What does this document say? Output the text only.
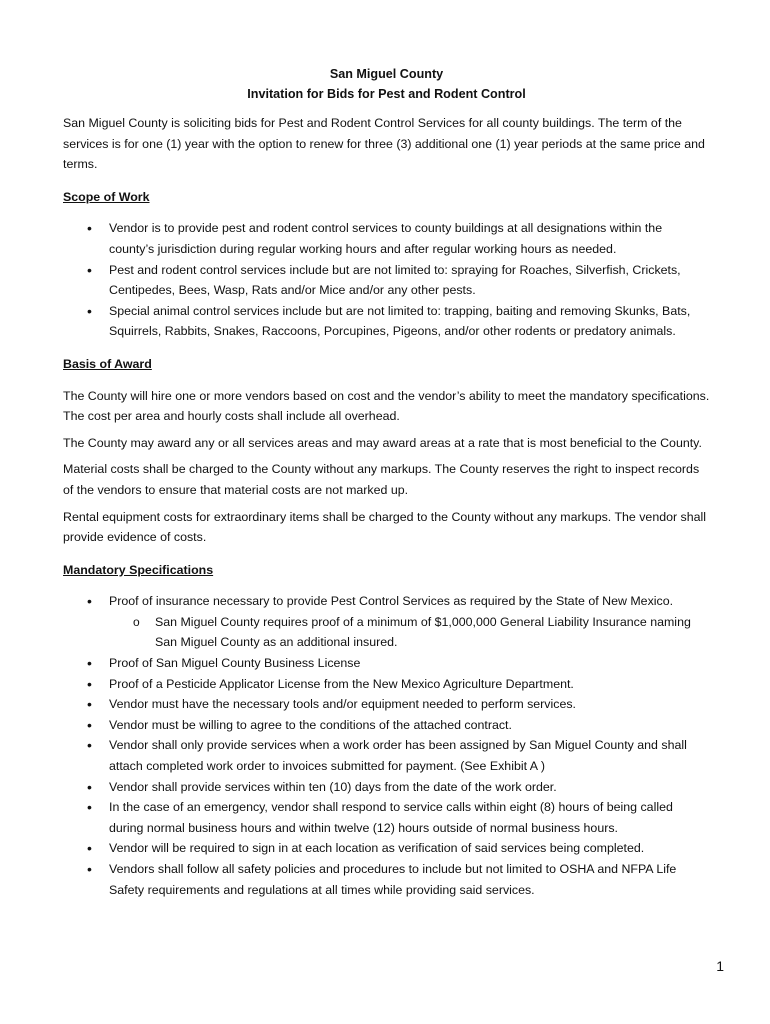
San Miguel County
Invitation for Bids for Pest and Rodent Control

San Miguel County is soliciting bids for Pest and Rodent Control Services for all county buildings. The term of the services is for one (1) year with the option to renew for three (3) additional one (1) year periods at the same price and terms.

Scope of Work
• Vendor is to provide pest and rodent control services to county buildings at all designations within the county’s jurisdiction during regular working hours and after regular working hours as needed.
• Pest and rodent control services include but are not limited to: spraying for Roaches, Silverfish, Crickets, Centipedes, Bees, Wasp, Rats and/or Mice and/or any other pests.
• Special animal control services include but are not limited to: trapping, baiting and removing Skunks, Bats, Squirrels, Rabbits, Snakes, Raccoons, Porcupines, Pigeons, and/or other rodents or predatory animals.
Basis of Award

The County will hire one or more vendors based on cost and the vendor’s ability to meet the mandatory specifications. The cost per area and hourly costs shall include all overhead.

The County may award any or all services areas and may award areas at a rate that is most beneficial to the County.

Material costs shall be charged to the County without any markups. The County reserves the right to inspect records of the vendors to ensure that material costs are not marked up.

Rental equipment costs for extraordinary items shall be charged to the County without any markups. The vendor shall provide evidence of costs.

Mandatory Specifications
• Proof of insurance necessary to provide Pest Control Services as required by the State of New Mexico.
o San Miguel County requires proof of a minimum of $1,000,000 General Liability Insurance naming San Miguel County as an additional insured.
• Proof of San Miguel County Business License
• Proof of a Pesticide Applicator License from the New Mexico Agriculture Department.
• Vendor must have the necessary tools and/or equipment needed to perform services.
• Vendor must be willing to agree to the conditions of the attached contract.
• Vendor shall only provide services when a work order has been assigned by San Miguel County and shall attach completed work order to invoices submitted for payment. (See Exhibit A )
• Vendor shall provide services within ten (10) days from the date of the work order.
• In the case of an emergency, vendor shall respond to service calls within eight (8) hours of being called during normal business hours and within twelve (12) hours outside of normal business hours.
• Vendor will be required to sign in at each location as verification of said services being completed.
• Vendors shall follow all safety policies and procedures to include but not limited to OSHA and NFPA Life Safety requirements and regulations at all times while providing said services.
1
